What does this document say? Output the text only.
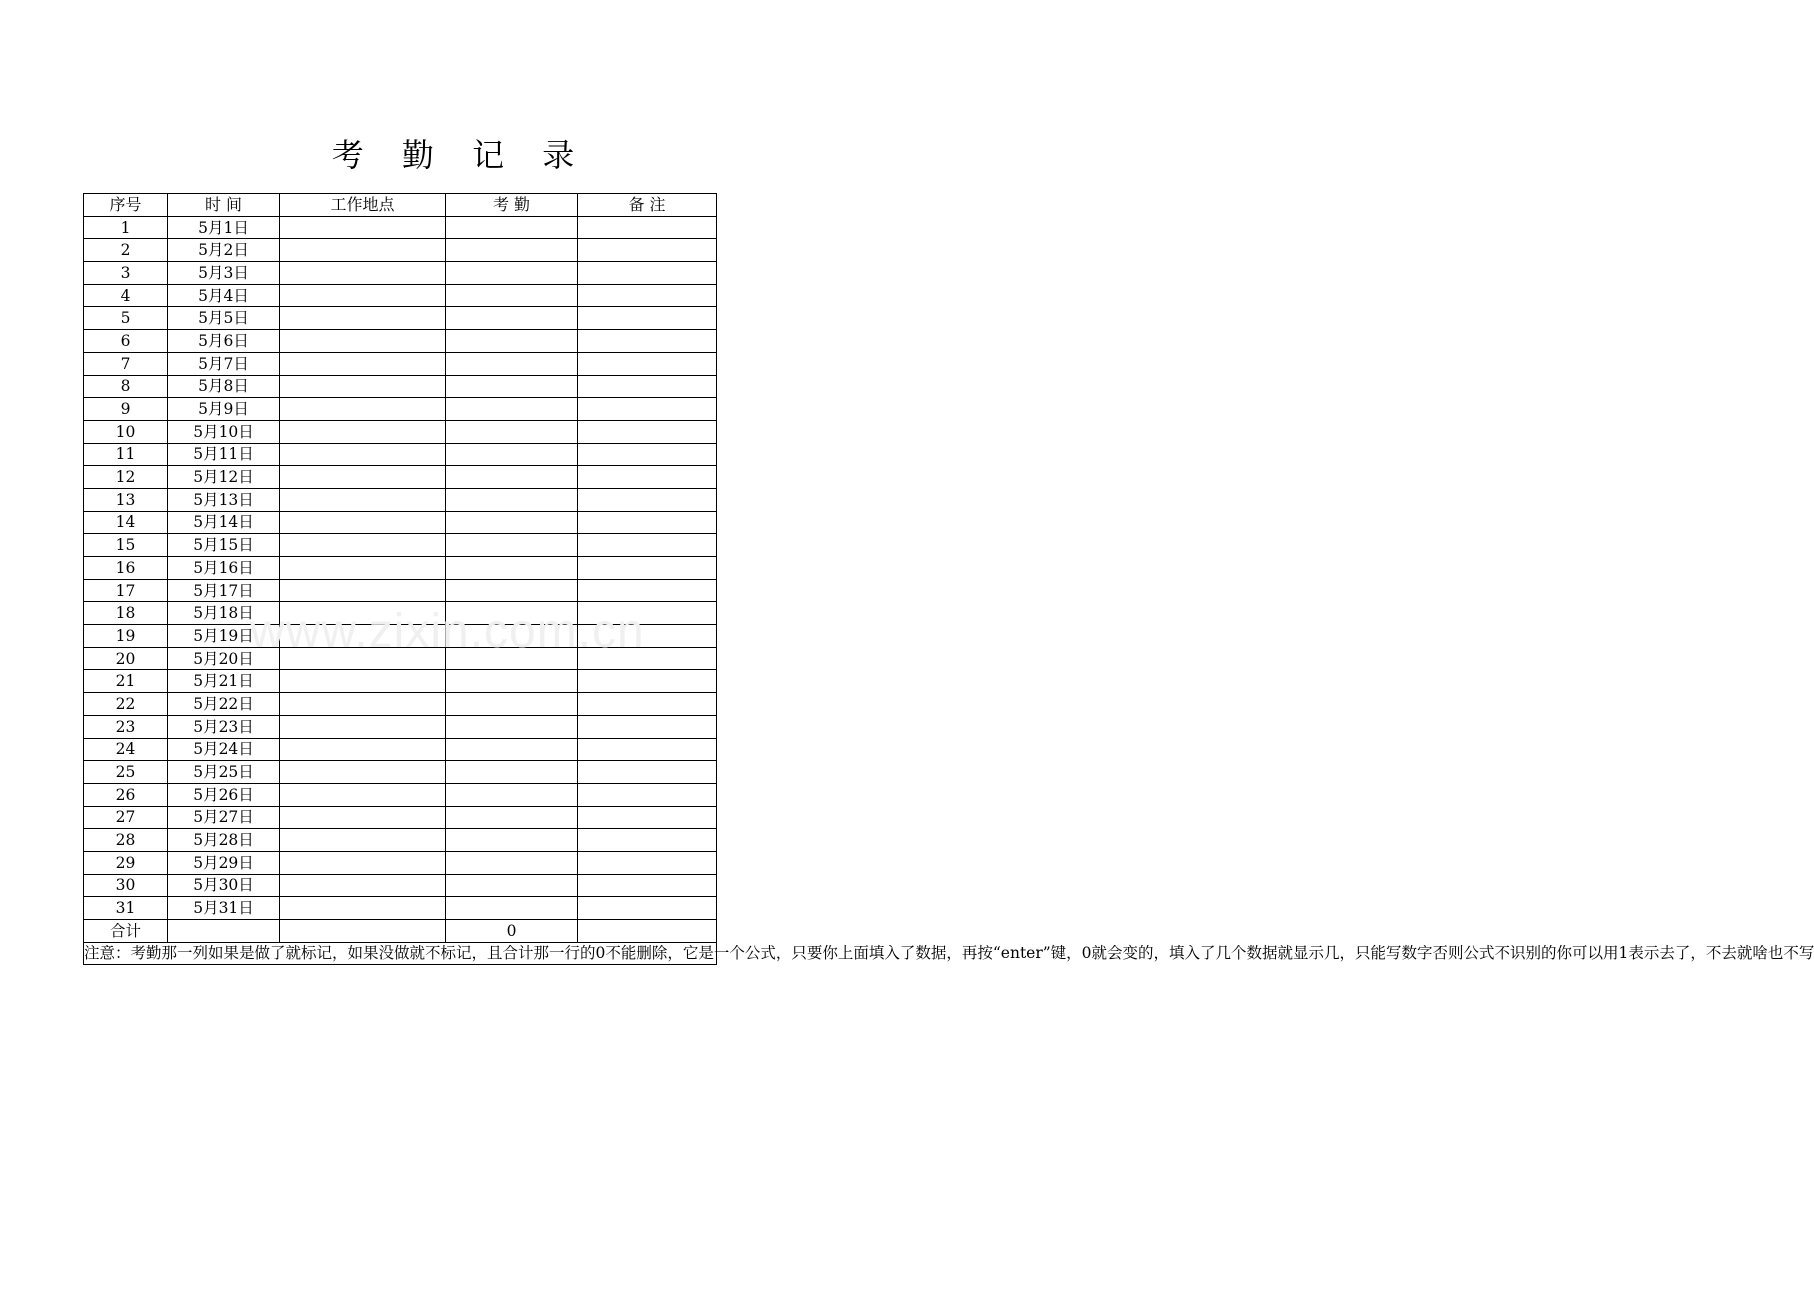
考 勤 记 录
序号	时 间	工作地点	考 勤	备 注
1	5月1日			
2	5月2日			
3	5月3日			
4	5月4日			
5	5月5日			
6	5月6日			
7	5月7日			
8	5月8日			
9	5月9日			
10	5月10日			
11	5月11日			
12	5月12日			
13	5月13日			
14	5月14日			
15	5月15日			
16	5月16日			
17	5月17日			
18	5月18日			
19	5月19日			
20	5月20日			
21	5月21日			
22	5月22日			
23	5月23日			
24	5月24日			
25	5月25日			
26	5月26日			
27	5月27日			
28	5月28日			
29	5月29日			
30	5月30日			
31	5月31日			
合计			0	
注意：考勤那一列如果是做了就标记，如果没做就不标记，且合计那一行的0不能删除，它是一个公式，只要你上面填入了数据，再按“enter”键，0就会变的，填入了几个数据就显示几，只能写数字否则公式不识别的你可以用1表示去了，不去就啥也不写				
www.zixin.com.cn
